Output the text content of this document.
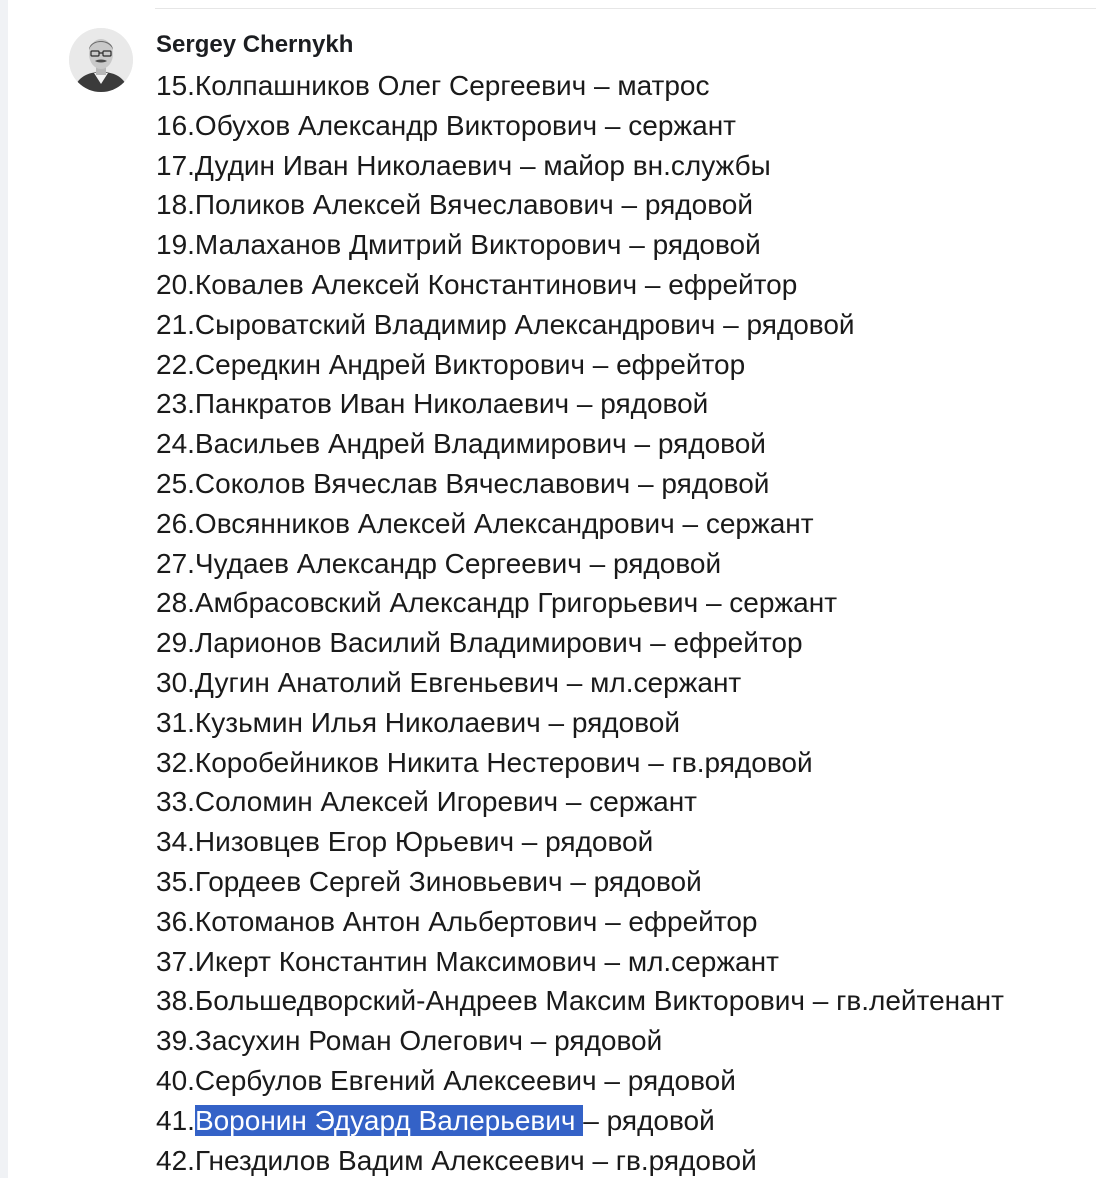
Sergey Chernykh
15.Колпашников Олег Сергеевич – матрос
16.Обухов Александр Викторович – сержант
17.Дудин Иван Николаевич – майор вн.службы
18.Поликов Алексей Вячеславович – рядовой
19.Малаханов Дмитрий Викторович – рядовой
20.Ковалев Алексей Константинович – ефрейтор
21.Сыроватский Владимир Александрович – рядовой
22.Середкин Андрей Викторович – ефрейтор
23.Панкратов Иван Николаевич – рядовой
24.Васильев Андрей Владимирович – рядовой
25.Соколов Вячеслав Вячеславович – рядовой
26.Овсянников Алексей Александрович – сержант
27.Чудаев Александр Сергеевич – рядовой
28.Амбрасовский Александр Григорьевич – сержант
29.Ларионов Василий Владимирович – ефрейтор
30.Дугин Анатолий Евгеньевич – мл.сержант
31.Кузьмин Илья Николаевич – рядовой
32.Коробейников Никита Нестерович – гв.рядовой
33.Соломин Алексей Игоревич – сержант
34.Низовцев Егор Юрьевич – рядовой
35.Гордеев Сергей Зиновьевич – рядовой
36.Котоманов Антон Альбертович – ефрейтор
37.Икерт Константин Максимович – мл.сержант
38.Большедворский-Андреев Максим Викторович – гв.лейтенант
39.Засухин Роман Олегович – рядовой
40.Сербулов Евгений Алексеевич – рядовой
41.Воронин Эдуард Валерьевич – рядовой
42.Гнездилов Вадим Алексеевич – гв.рядовой
